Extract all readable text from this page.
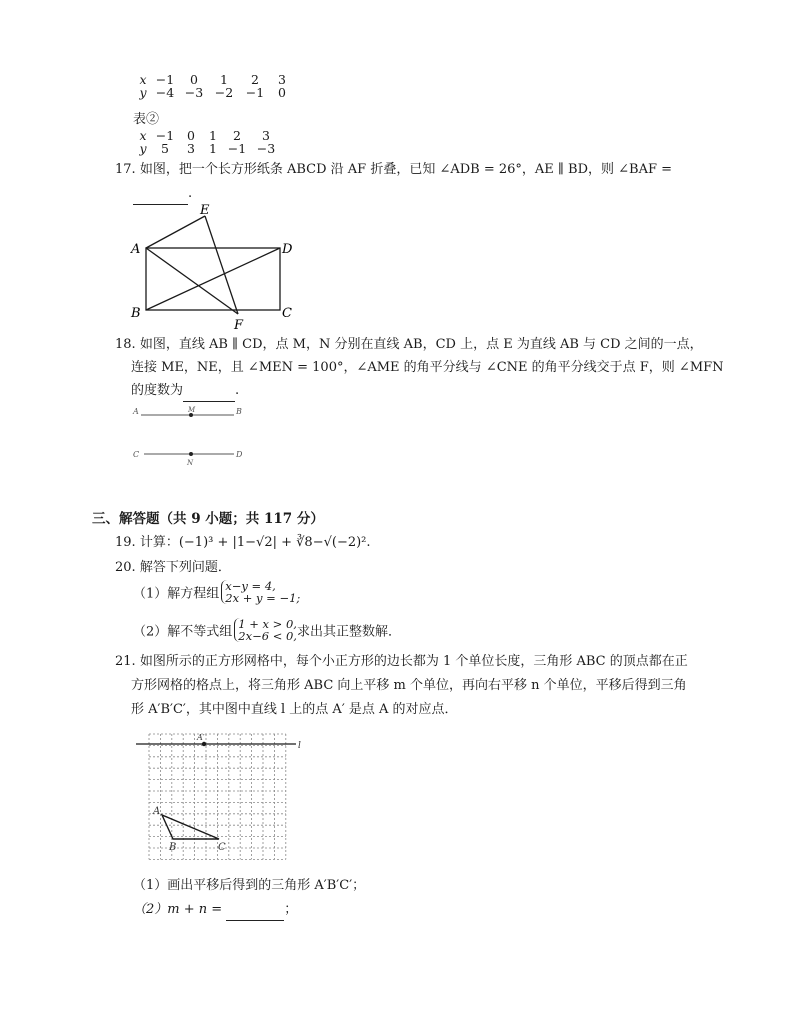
x −1	0	1	2	3
y −4 −3 −2	−1	0
表②
x −1	0	1	2	3
y	5	3	1 −1 −3
17. 如图，把一个长方形纸条 ABCD 沿 AF 折叠，已知 ∠ADB = 26°，AE ∥ BD，则 ∠BAF =
.
A
B	C
D
E
F
18. 如图，直线 AB ∥ CD，点 M，N 分别在直线 AB，CD 上，点 E 为直线 AB 与 CD 之间的一点，
连接 ME，NE，且 ∠MEN = 100°，∠AME 的角平分线与 ∠CNE 的角平分线交于点 F，则 ∠MFN
的度数为	.
A	B
C	D
M
N
三、解答题（共 9 小题；共 117 分）
19. 计算：(−1)³ + |1−√2| + ∛8−√(−2)².
20. 解答下列问题．
（1）解方程组
x−y = 4,
2x + y = −1;
（2）解不等式组
1 + x > 0,
2x−6 < 0, 求出其正整数解．
21. 如图所示的正方形网格中，每个小正方形的边长都为 1 个单位长度，三角形 ABC 的顶点都在正
方形网格的格点上，将三角形 ABC 向上平移 m 个单位，再向右平移 n 个单位，平移后得到三角
形 A′B′C′，其中图中直线 l 上的点 A′ 是点 A 的对应点．
A′
l
A
B	C
（1）画出平移后得到的三角形 A′B′C′；
（2）m + n =	；
